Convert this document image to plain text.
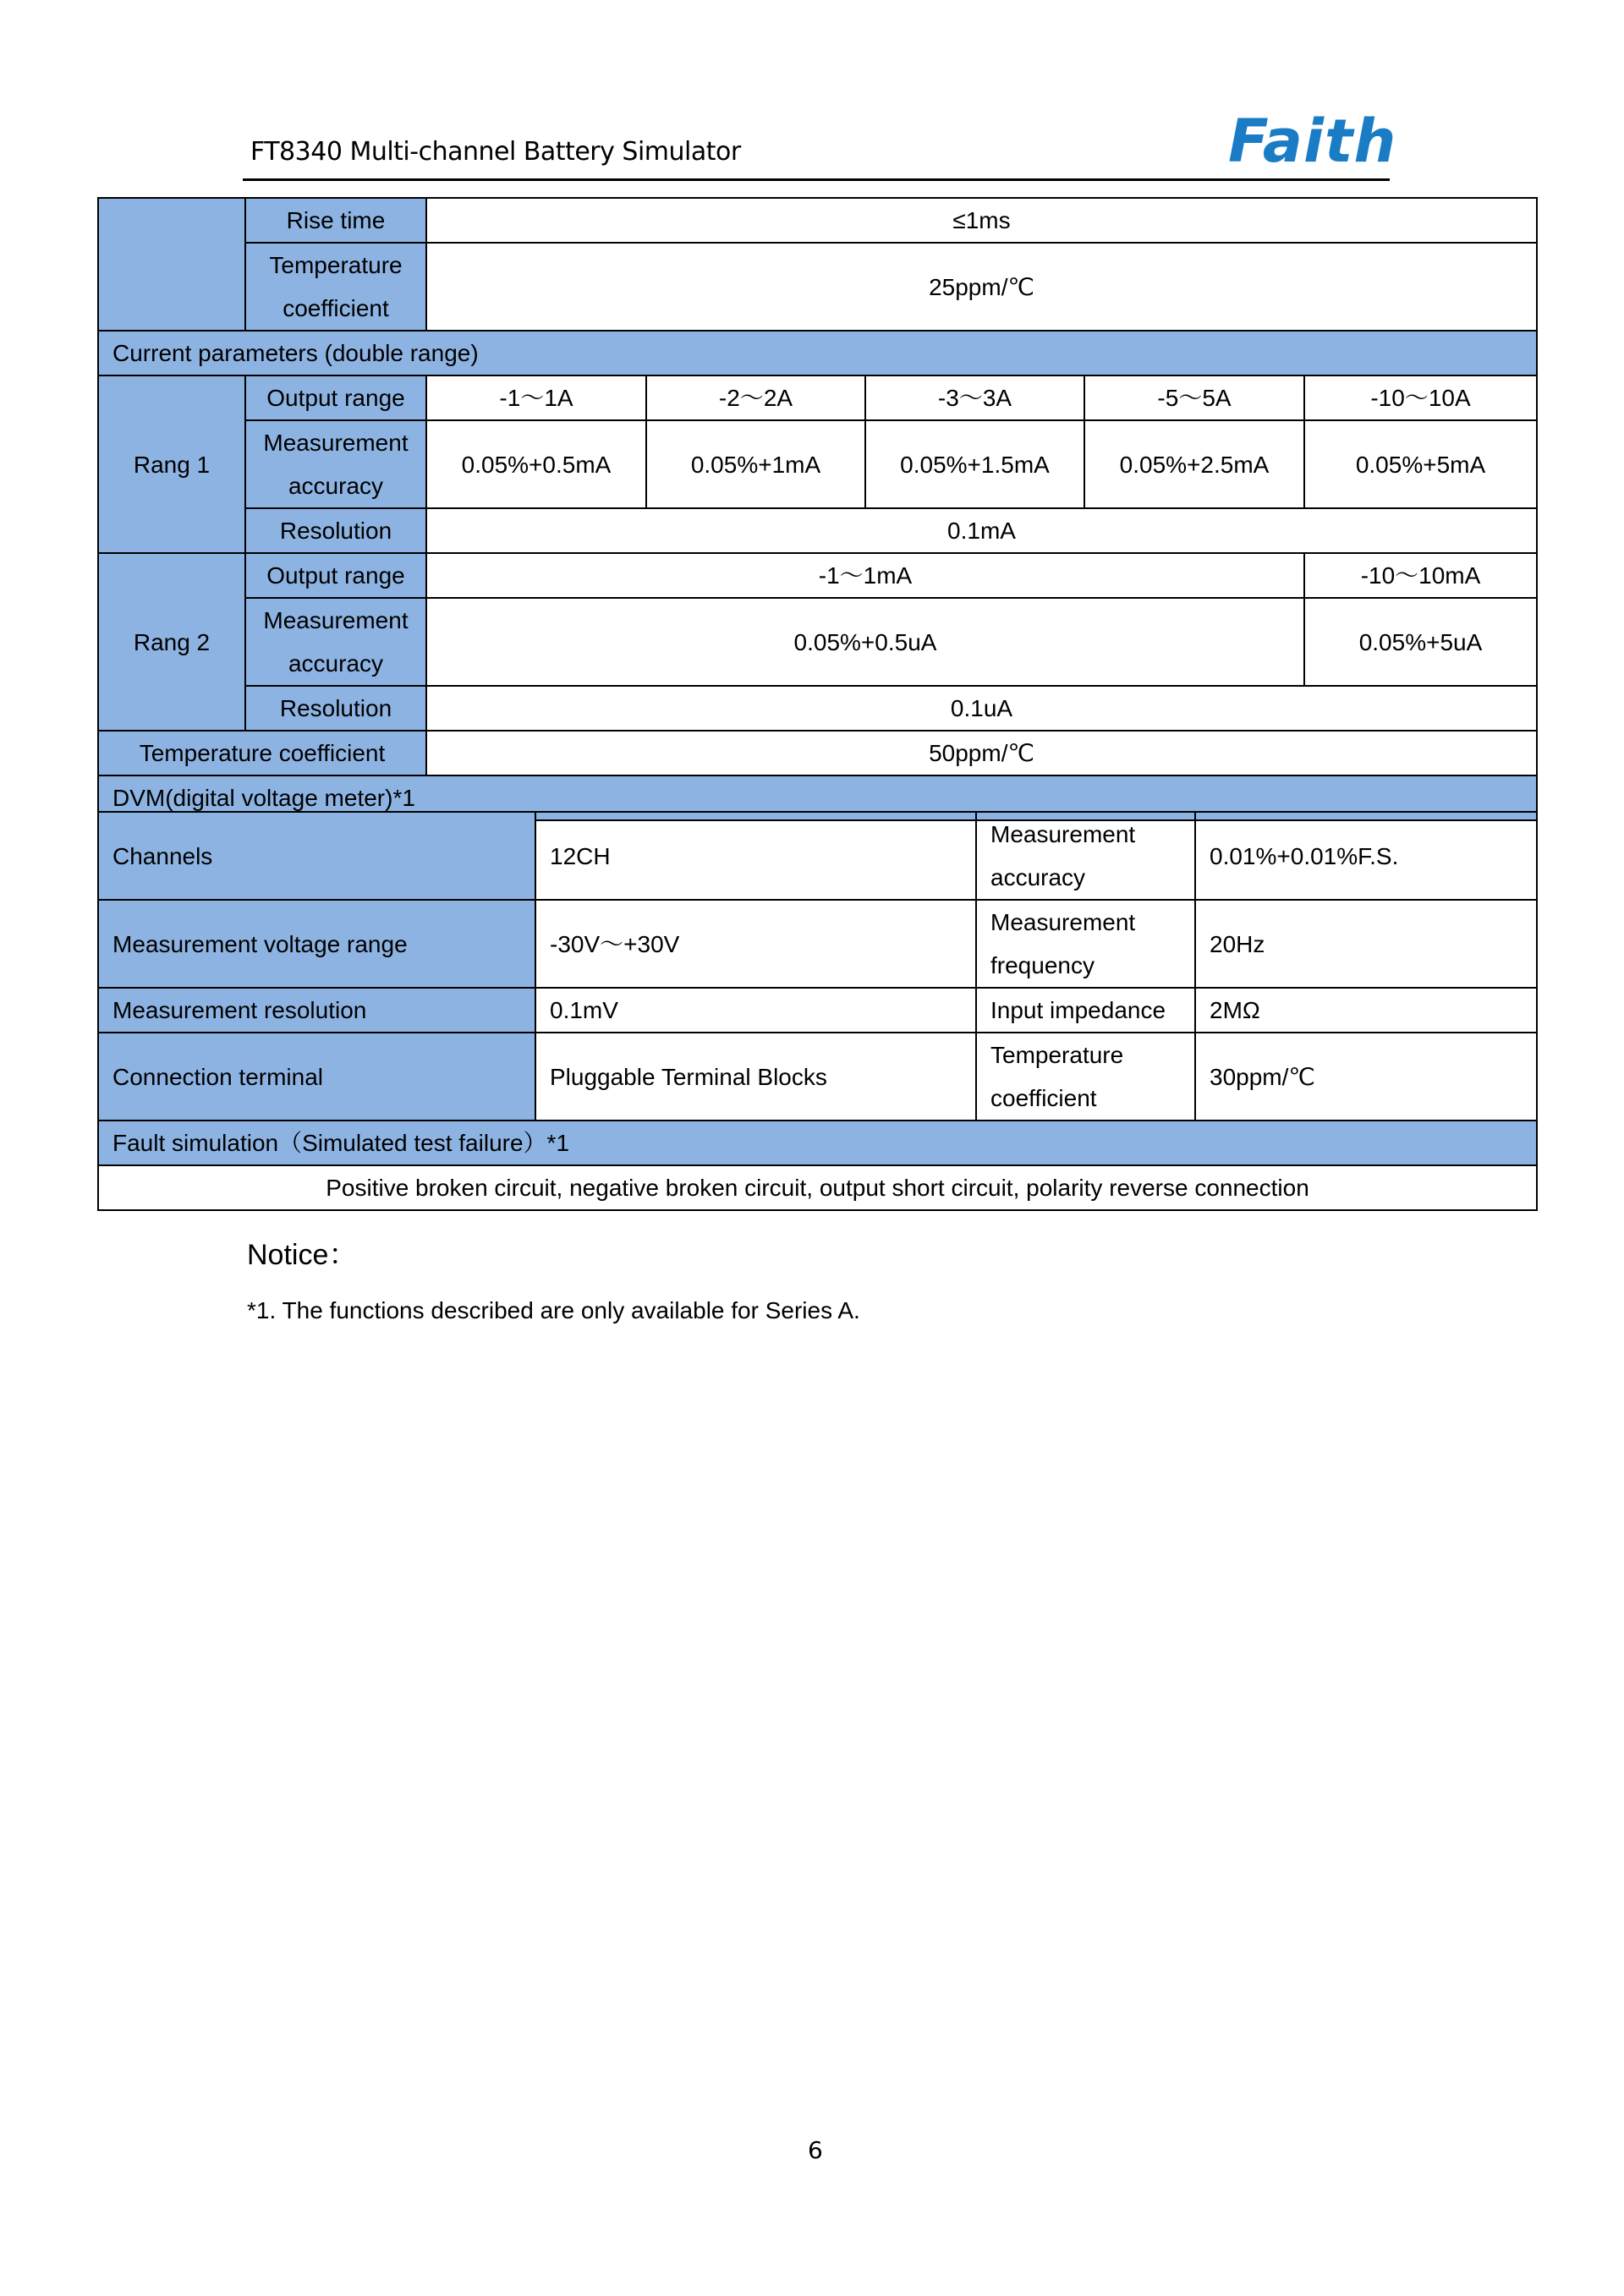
FT8340 Multi-channel Battery Simulator	Faith
	Rise time	≤1ms				

	Temperature
coefficient	25ppm/℃				
Current parameters (double range)						
Rang 1	Output range	-1～1A	-2～2A	-3～3A	-5～5A	-10～10A

	Measurement
accuracy	0.05%+0.5mA	0.05%+1mA	0.05%+1.5mA	0.05%+2.5mA	0.05%+5mA
	Resolution	0.1mA				
Rang 2	Output range	-1～1mA				-10～10mA

	Measurement
accuracy	0.05%+0.5uA				0.05%+5uA
	Resolution	0.1uA				
Temperature coefficient		50ppm/℃				
DVM(digital voltage meter)*1						
Channels	12CH	Measurement
accuracy	0.01%+0.01%F.S.
Measurement voltage range	-30V～+30V	Measurement
frequency	20Hz
Measurement resolution	0.1mV	Input impedance	2MΩ
Connection terminal	Pluggable Terminal Blocks	Temperature
coefficient	30ppm/℃
Fault simulation（Simulated test failure）*1			
Positive broken circuit, negative broken circuit, output short circuit, polarity reverse connection			
Notice：
*1. The functions described are only available for Series A.
6
